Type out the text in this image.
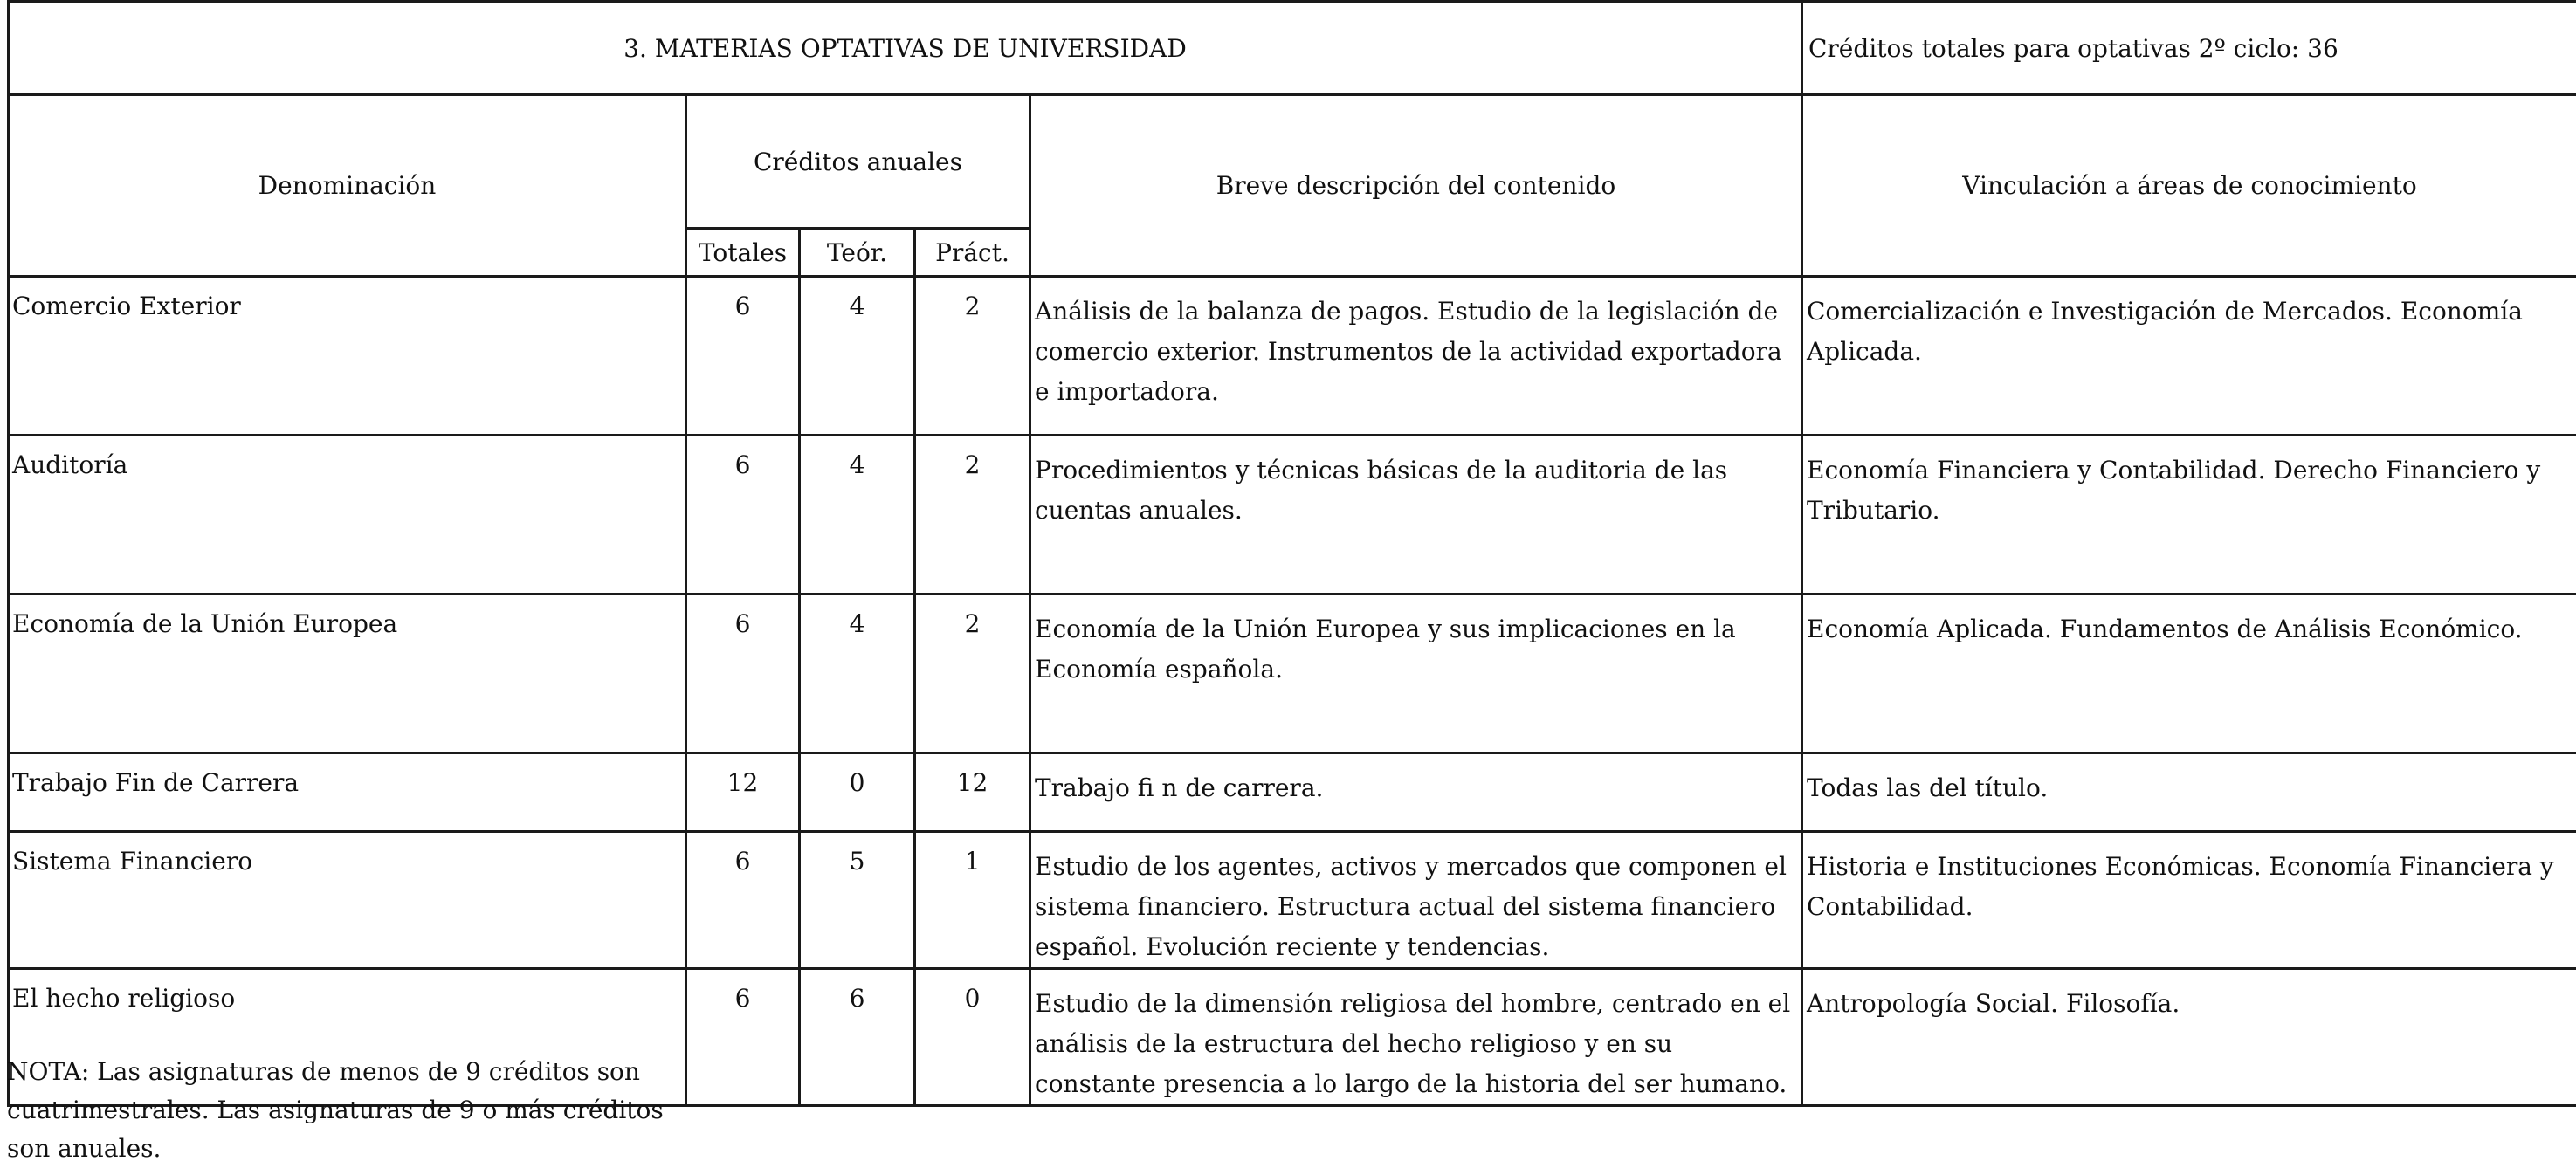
3. MATERIAS OPTATIVAS DE UNIVERSIDAD					Créditos totales para optativas 2º ciclo: 36
Denominación	Créditos anuales			Breve descripción del contenido	Vinculación a áreas de conocimiento
	Totales	Teór.	Práct.		
Comercio Exterior	6	4	2	Análisis de la balanza de pagos. Estudio de la legislación de comercio exterior. Instrumentos de la actividad exportadora e importadora.	Comercialización e Investigación de Mercados. Economía Aplicada.
Auditoría	6	4	2	Procedimientos y técnicas básicas de la auditoria de las cuentas anuales.	Economía Financiera y Contabilidad. Derecho Financiero y Tributario.
Economía de la Unión Europea	6	4	2	Economía de la Unión Europea y sus implicaciones en la Economía española.	Economía Aplicada. Fundamentos de Análisis Económico.
Trabajo Fin de Carrera	12	0	12	Trabajo fi n de carrera.	Todas las del título.
Sistema Financiero	6	5	1	Estudio de los agentes, activos y mercados que componen el sistema financiero. Estructura actual del sistema financiero español. Evolución reciente y tendencias.	Historia e Instituciones Económicas. Economía Financiera y Contabilidad.
El hecho religioso	6	6	0	Estudio de la dimensión religiosa del hombre, centrado en el análisis de la estructura del hecho religioso y en su constante presencia a lo largo de la historia del ser humano.	Antropología Social. Filosofía.
NOTA: Las asignaturas de menos de 9 créditos son cuatrimestrales. Las asignaturas de 9 o más créditos son anuales.
